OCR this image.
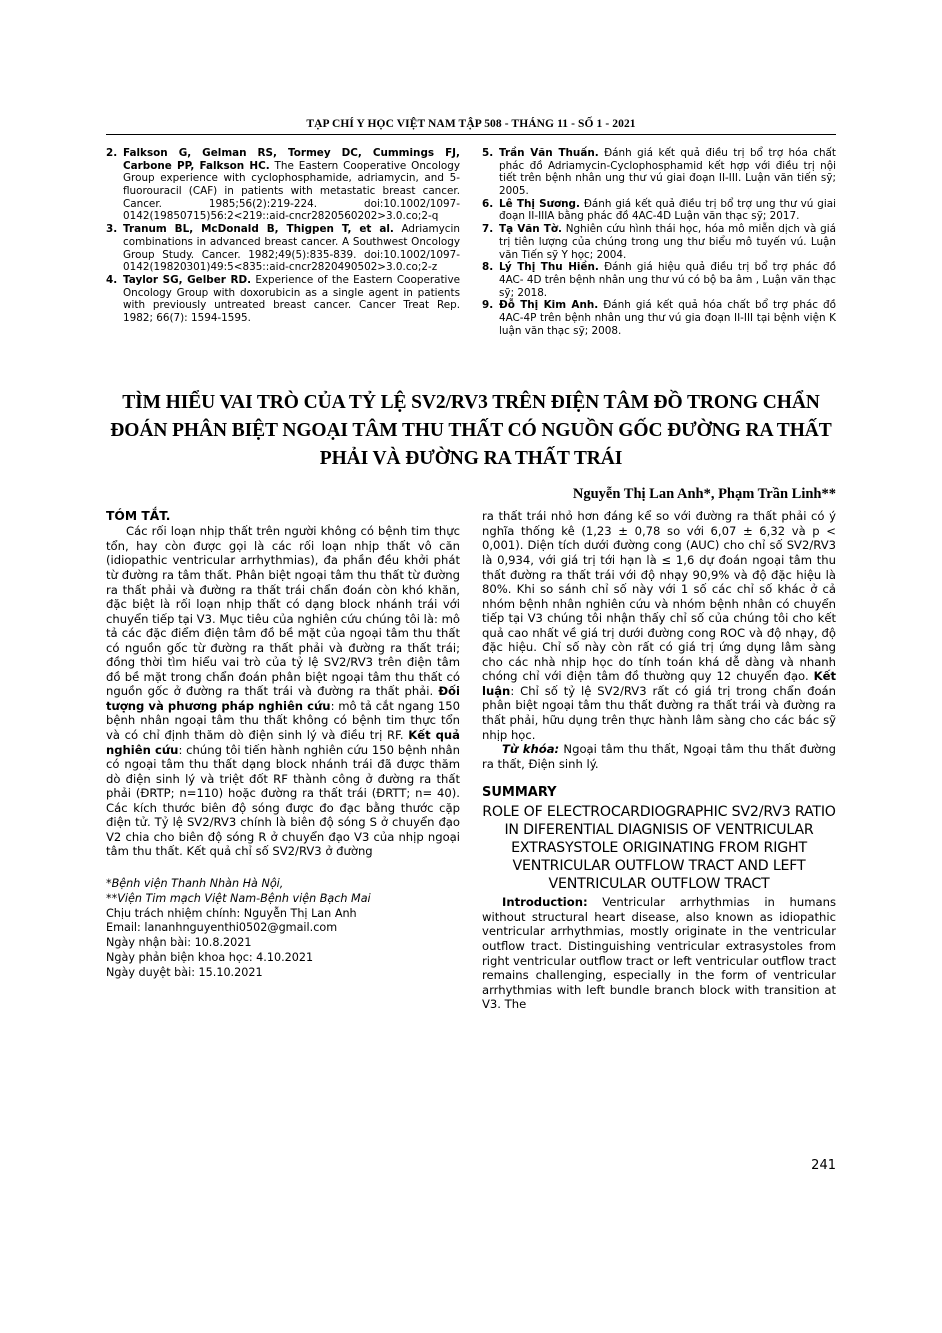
TẠP CHÍ Y HỌC VIỆT NAM TẬP 508 - THÁNG 11 - SỐ 1 - 2021
2. Falkson G, Gelman RS, Tormey DC, Cummings FJ, Carbone PP, Falkson HC. The Eastern Cooperative Oncology Group experience with cyclophosphamide, adriamycin, and 5-fluorouracil (CAF) in patients with metastatic breast cancer. Cancer. 1985;56(2):219-224. doi:10.1002/1097-0142(19850715)56:2<219::aid-cncr2820560202>3.0.co;2-q
3. Tranum BL, McDonald B, Thigpen T, et al. Adriamycin combinations in advanced breast cancer. A Southwest Oncology Group Study. Cancer. 1982;49(5):835-839. doi:10.1002/1097-0142(19820301)49:5<835::aid-cncr2820490502>3.0.co;2-z
4. Taylor SG, Gelber RD. Experience of the Eastern Cooperative Oncology Group with doxorubicin as a single agent in patients with previously untreated breast cancer. Cancer Treat Rep. 1982; 66(7): 1594-1595.
5. Trần Văn Thuấn. Đánh giá kết quả điều trị bổ trợ hóa chất phác đồ Adriamycin-Cyclophosphamid kết hợp với điều trị nội tiết trên bệnh nhân ung thư vú giai đoạn II-III. Luận văn tiến sỹ; 2005.
6. Lê Thị Sương. Đánh giá kết quả điều trị bổ trợ ung thư vú giai đoạn II-IIIA bằng phác đồ 4AC-4D Luận văn thạc sỹ; 2017.
7. Tạ Văn Tờ. Nghiên cứu hình thái học, hóa mô miễn dịch và giá trị tiên lượng của chúng trong ung thư biểu mô tuyến vú. Luận văn Tiến sỹ Y học; 2004.
8. Lý Thị Thu Hiền. Đánh giá hiệu quả điều trị bổ trợ phác đồ 4AC- 4D trên bệnh nhân ung thư vú có bộ ba âm , Luận văn thạc sỹ; 2018.
9. Đỗ Thị Kim Anh. Đánh giá kết quả hóa chất bổ trợ phác đồ 4AC-4P trên bệnh nhân ung thư vú gia đoạn II-III tại bệnh viện K luận văn thạc sỹ; 2008.
TÌM HIỂU VAI TRÒ CỦA TỶ LỆ SV2/RV3 TRÊN ĐIỆN TÂM ĐỒ TRONG CHẨN ĐOÁN PHÂN BIỆT NGOẠI TÂM THU THẤT CÓ NGUỒN GỐC ĐƯỜNG RA THẤT PHẢI VÀ ĐƯỜNG RA THẤT TRÁI
Nguyễn Thị Lan Anh*, Phạm Trần Linh**
TÓM TẮT.

Các rối loạn nhịp thất trên người không có bệnh tim thực tổn, hay còn được gọi là các rối loạn nhịp thất vô căn (idiopathic ventricular arrhythmias), đa phần đều khởi phát từ đường ra tâm thất. Phân biệt ngoại tâm thu thất từ đường ra thất phải và đường ra thất trái chẩn đoán còn khó khăn, đặc biệt là rối loạn nhịp thất có dạng block nhánh trái với chuyển tiếp tại V3. Mục tiêu của nghiên cứu chúng tôi là: mô tả các đặc điểm điện tâm đồ bề mặt của ngoại tâm thu thất có nguồn gốc từ đường ra thất phải và đường ra thất trái; đồng thời tìm hiểu vai trò của tỷ lệ SV2/RV3 trên điện tâm đồ bề mặt trong chẩn đoán phân biệt ngoại tâm thu thất có nguồn gốc ở đường ra thất trái và đường ra thất phải. Đối tượng và phương pháp nghiên cứu: mô tả cắt ngang 150 bệnh nhân ngoại tâm thu thất không có bệnh tim thực tổn và có chỉ định thăm dò điện sinh lý và điều trị RF. Kết quả nghiên cứu: chúng tôi tiến hành nghiên cứu 150 bệnh nhân có ngoại tâm thu thất dạng block nhánh trái đã được thăm dò điện sinh lý và triệt đốt RF thành công ở đường ra thất phải (ĐRTP; n=110) hoặc đường ra thất trái (ĐRTT; n= 40). Các kích thước biên độ sóng được đo đạc bằng thước cặp điện tử. Tỷ lệ SV2/RV3 chính là biên độ sóng S ở chuyển đạo V2 chia cho biên độ sóng R ở chuyển đạo V3 của nhịp ngoại tâm thu thất. Kết quả chỉ số SV2/RV3 ở đường

*Bệnh viện Thanh Nhàn Hà Nội,
**Viện Tim mạch Việt Nam-Bệnh viện Bạch Mai
Chịu trách nhiệm chính: Nguyễn Thị Lan Anh
Email: lananhnguyenthi0502@gmail.com
Ngày nhận bài: 10.8.2021
Ngày phản biện khoa học: 4.10.2021
Ngày duyệt bài: 15.10.2021

ra thất trái nhỏ hơn đáng kể so với đường ra thất phải có ý nghĩa thống kê (1,23 ± 0,78 so với 6,07 ± 6,32 và p < 0,001). Diện tích dưới đường cong (AUC) cho chỉ số SV2/RV3 là 0,934, với giá trị tới hạn là ≤ 1,6 dự đoán ngoại tâm thu thất đường ra thất trái với độ nhạy 90,9% và độ đặc hiệu là 80%. Khi so sánh chỉ số này với 1 số các chỉ số khác ở cả nhóm bệnh nhân nghiên cứu và nhóm bệnh nhân có chuyển tiếp tại V3 chúng tôi nhận thấy chỉ số của chúng tôi cho kết quả cao nhất về giá trị dưới đường cong ROC và độ nhạy, độ đặc hiệu. Chỉ số này còn rất có giá trị ứng dụng lâm sàng cho các nhà nhịp học do tính toán khá dễ dàng và nhanh chóng chỉ với điện tâm đồ thường quy 12 chuyển đạo. Kết luận: Chỉ số tỷ lệ SV2/RV3 rất có giá trị trong chẩn đoán phân biệt ngoại tâm thu thất đường ra thất trái và đường ra thất phải, hữu dụng trên thực hành lâm sàng cho các bác sỹ nhịp học.

Từ khóa: Ngoại tâm thu thất, Ngoại tâm thu thất đường ra thất, Điện sinh lý.

SUMMARY
ROLE OF ELECTROCARDIOGRAPHIC SV2/RV3 RATIO IN DIFERENTIAL DIAGNISIS OF VENTRICULAR EXTRASYSTOLE ORIGINATING FROM RIGHT VENTRICULAR OUTFLOW TRACT AND LEFT VENTRICULAR OUTFLOW TRACT

Introduction: Ventricular arrhythmias in humans without structural heart disease, also known as idiopathic ventricular arrhythmias, mostly originate in the ventricular outflow tract. Distinguishing ventricular extrasystoles from right ventricular outflow tract or left ventricular outflow tract remains challenging, especially in the form of ventricular arrhythmias with left bundle branch block with transition at V3. The

241
